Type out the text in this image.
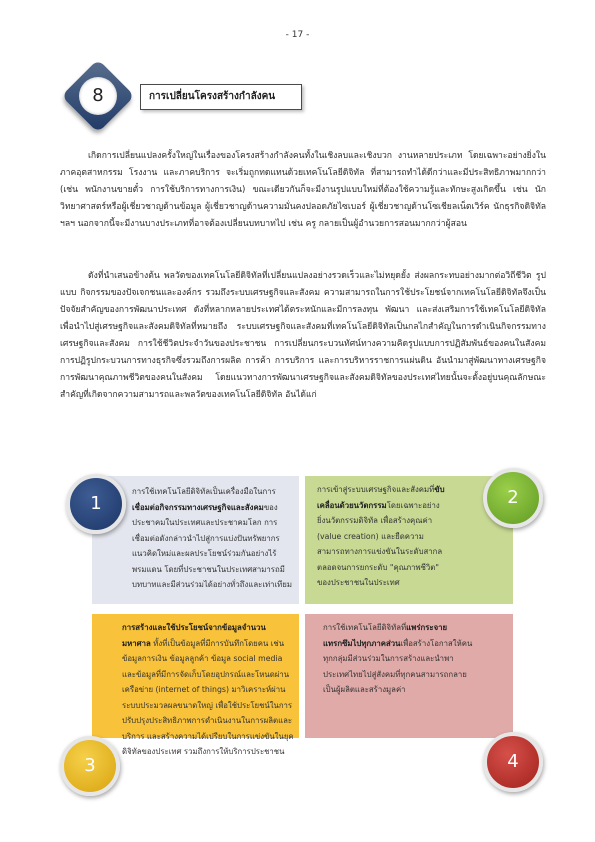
- 17 -
8	การเปลี่ยนโครงสร้างกำลังคน

เกิดการเปลี่ยนแปลงครั้งใหญ่ในเรื่องของโครงสร้างกำลังคนทั้งในเชิงลบและเชิงบวก งานหลายประเภท โดยเฉพาะอย่างยิ่งในภาคอุตสาหกรรม โรงงาน และภาคบริการ จะเริ่มถูกทดแทนด้วยเทคโนโลยีดิจิทัล ที่สามารถทำได้ดีกว่าและมีประสิทธิภาพมากกว่า (เช่น พนักงานขายตั๋ว การใช้บริการทางการเงิน) ขณะเดียวกันก็จะมีงานรูปแบบใหม่ที่ต้องใช้ความรู้และทักษะสูงเกิดขึ้น เช่น นักวิทยาศาสตร์หรือผู้เชี่ยวชาญด้านข้อมูล ผู้เชี่ยวชาญด้านความมั่นคงปลอดภัยไซเบอร์ ผู้เชี่ยวชาญด้านโซเชียลเน็ตเวิร์ค นักธุรกิจดิจิทัล ฯลฯ นอกจากนี้จะมีงานบางประเภทที่อาจต้องเปลี่ยนบทบาทไป เช่น ครู กลายเป็นผู้อำนวยการสอนมากกว่าผู้สอน

ดังที่นำเสนอข้างต้น พลวัตของเทคโนโลยีดิจิทัลที่เปลี่ยนแปลงอย่างรวดเร็วและไม่หยุดยั้ง ส่งผลกระทบอย่างมากต่อวิถีชีวิต รูปแบบ กิจกรรมของปัจเจกชนและองค์กร รวมถึงระบบเศรษฐกิจและสังคม ความสามารถในการใช้ประโยชน์จากเทคโนโลยีดิจิทัลจึงเป็นปัจจัยสำคัญของการพัฒนาประเทศ ดังที่หลากหลายประเทศได้ตระหนักและมีการลงทุน พัฒนา และส่งเสริมการใช้เทคโนโลยีดิจิทัล เพื่อนำไปสู่เศรษฐกิจและสังคมดิจิทัลที่หมายถึง ระบบเศรษฐกิจและสังคมที่เทคโนโลยีดิจิทัลเป็นกลไกสำคัญในการดำเนินกิจกรรมทางเศรษฐกิจและสังคม การใช้ชีวิตประจำวันของประชาชน การเปลี่ยนกระบวนทัศน์ทางความคิดรูปแบบการปฏิสัมพันธ์ของคนในสังคม การปฏิรูปกระบวนการทางธุรกิจซึ่งรวมถึงการผลิต การค้า การบริการ และการบริหารราชการแผ่นดิน อันนำมาสู่พัฒนาทางเศรษฐกิจการพัฒนาคุณภาพชีวิตของคนในสังคม โดยแนวทางการพัฒนาเศรษฐกิจและสังคมดิจิทัลของประเทศไทยนั้นจะตั้งอยู่บนคุณลักษณะสำคัญที่เกิดจากความสามารถและพลวัตของเทคโนโลยีดิจิทัล อันได้แก่

การใช้เทคโนโลยีดิจิทัลเป็นเครื่องมือในการเชื่อมต่อกิจกรรมทางเศรษฐกิจและสังคมของประชาคมในประเทศและประชาคมโลก การเชื่อมต่อดังกล่าวนำไปสู่การแบ่งปันทรัพยากร แนวคิดใหม่และผลประโยชน์ร่วมกันอย่างไร้พรมแดน โดยที่ประชาชนในประเทศสามารถมีบทบาทและมีส่วนร่วมได้อย่างทั่วถึงและเท่าเทียม
การเข้าสู่ระบบเศรษฐกิจและสังคมที่ขับเคลื่อนด้วยนวัตกรรมโดยเฉพาะอย่างยิ่งนวัตกรรมดิจิทัล เพื่อสร้างคุณค่า (value creation) และยืดความสามารถทางการแข่งขันในระดับสากล ตลอดจนการยกระดับ "คุณภาพชีวิต" ของประชาชนในประเทศ
การสร้างและใช้ประโยชน์จากข้อมูลจำนวนมหาศาล ทั้งที่เป็นข้อมูลที่มีการบันทึกโดยคน เช่น ข้อมูลการเงิน ข้อมูลลูกค้า ข้อมูล social media และข้อมูลที่มีการจัดเก็บโดยอุปกรณ์และโหนดผ่านเครือข่าย (internet of things) มาวิเคราะห์ผ่านระบบประมวลผลขนาดใหญ่ เพื่อใช้ประโยชน์ในการปรับปรุงประสิทธิภาพการดำเนินงานในการผลิตและบริการ และสร้างความได้เปรียบในการแข่งขันในยุคดิจิทัลของประเทศ รวมถึงการให้บริการประชาชน
การใช้เทคโนโลยีดิจิทัลที่แพร่กระจายแทรกซึมไปทุกภาคส่วนเพื่อสร้างโอกาสให้คนทุกกลุ่มมีส่วนร่วมในการสร้างและนำพาประเทศไทยไปสู่สังคมที่ทุกคนสามารถกลายเป็นผู้ผลิตและสร้างมูลค่า
1	2
3	4
